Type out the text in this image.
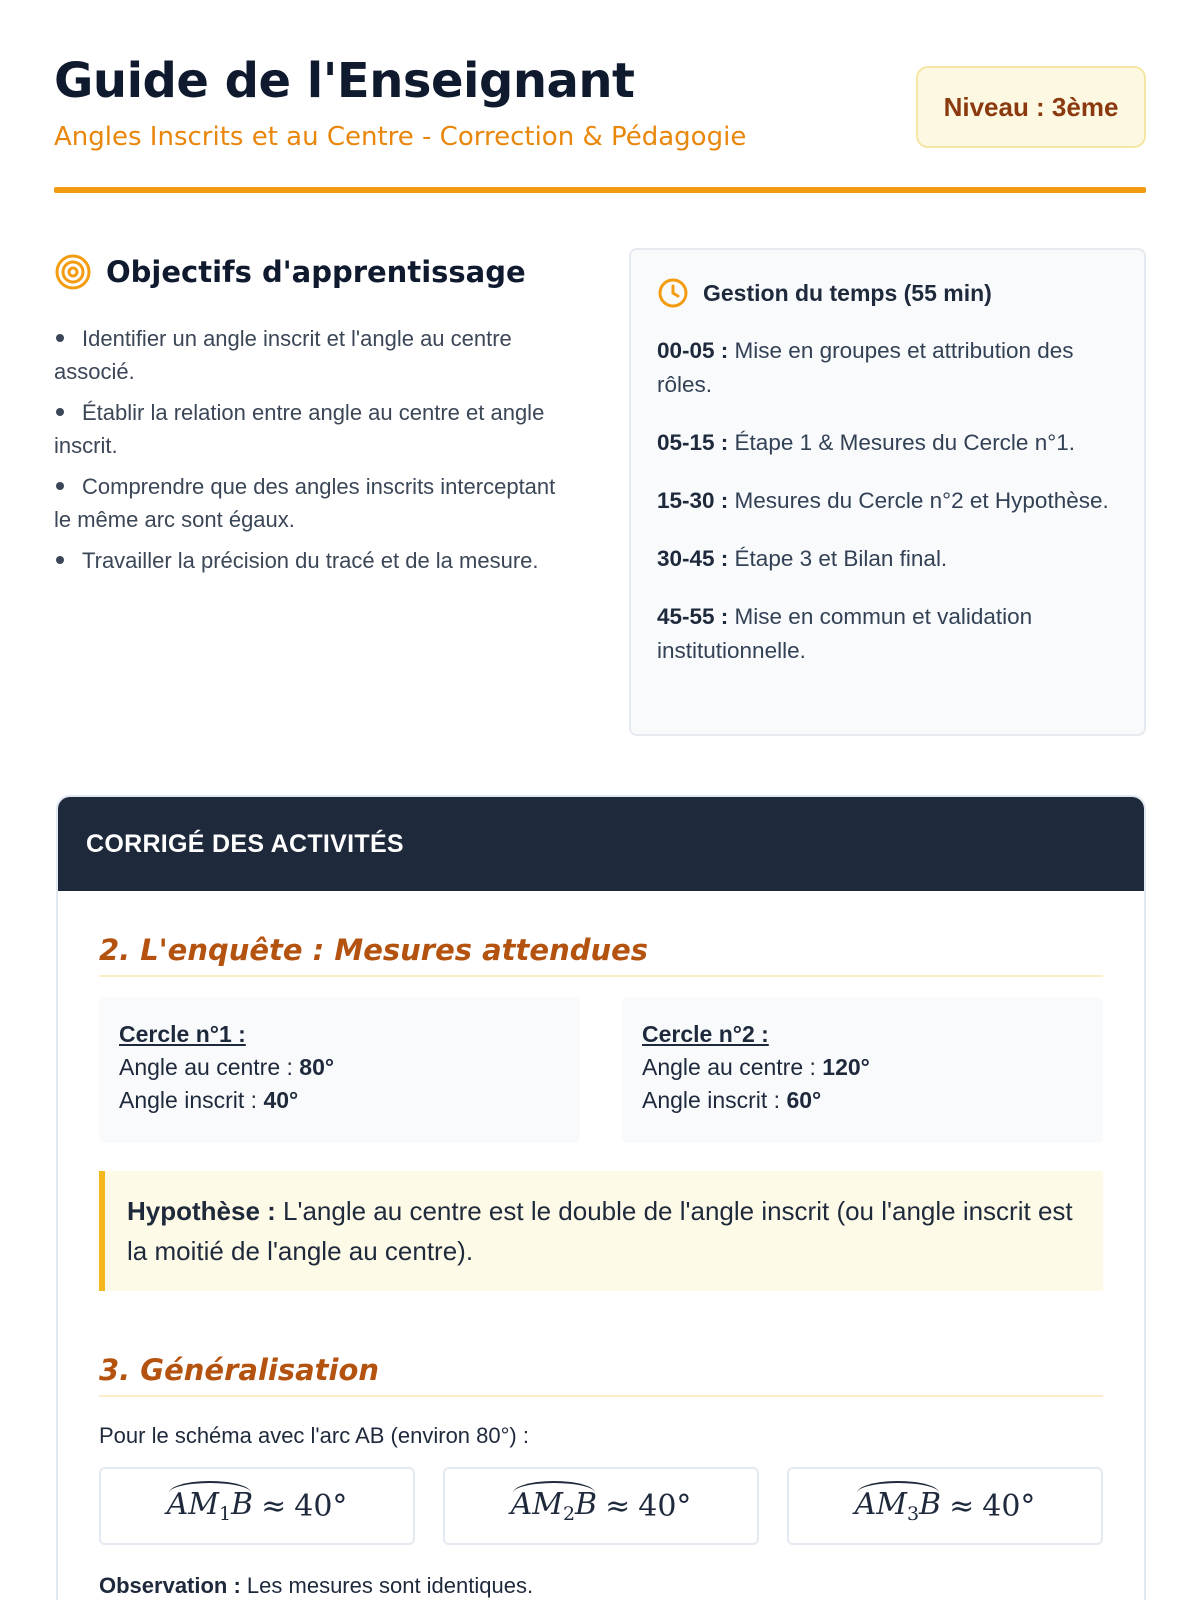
Guide de l'Enseignant
Angles Inscrits et au Centre - Correction & Pédagogie
Niveau : 3ème
Objectifs d'apprentissage
Identifier un angle inscrit et l'angle au centre associé.
Établir la relation entre angle au centre et angle inscrit.
Comprendre que des angles inscrits interceptant le même arc sont égaux.
Travailler la précision du tracé et de la mesure.
Gestion du temps (55 min)
00-05 : Mise en groupes et attribution des rôles.
05-15 : Étape 1 & Mesures du Cercle n°1.
15-30 : Mesures du Cercle n°2 et Hypothèse.
30-45 : Étape 3 et Bilan final.
45-55 : Mise en commun et validation institutionnelle.
CORRIGÉ DES ACTIVITÉS
2. L'enquête : Mesures attendues
Cercle n°1 :
Angle au centre : 80°
Angle inscrit : 40°
Cercle n°2 :
Angle au centre : 120°
Angle inscrit : 60°
Hypothèse : L'angle au centre est le double de l'angle inscrit (ou l'angle inscrit est la moitié de l'angle au centre).
3. Généralisation
Pour le schéma avec l'arc AB (environ 80°) :
$AM_1B \approx 40^\circ$	$AM_2B \approx 40^\circ$	$AM_3B \approx 40^\circ$
Observation : Les mesures sont identiques.
